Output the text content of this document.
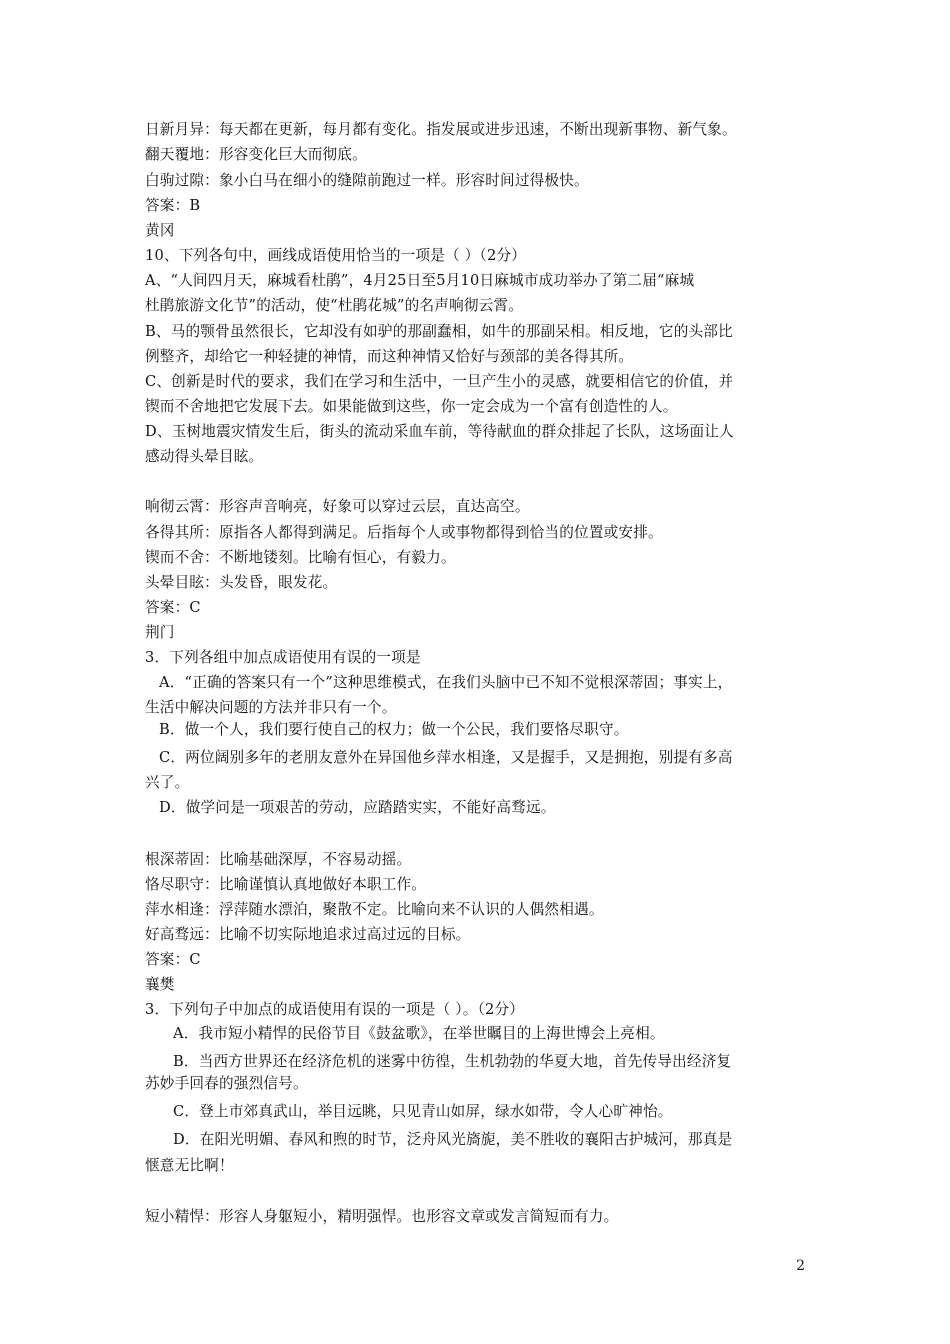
日新月异：每天都在更新，每月都有变化。指发展或进步迅速，不断出现新事物、新气象。
翻天覆地：形容变化巨大而彻底。
白驹过隙：象小白马在细小的缝隙前跑过一样。形容时间过得极快。
答案：B
黄冈
10、下列各句中，画线成语使用恰当的一项是（ ）（2分）
A、“人间四月天，麻城看杜鹃”，4月25日至5月10日麻城市成功举办了第二届“麻城
杜鹃旅游文化节”的活动，使“杜鹃花城”的名声响彻云霄。
B、马的颚骨虽然很长，它却没有如驴的那副蠢相，如牛的那副呆相。相反地，它的头部比
例整齐，却给它一种轻捷的神情，而这种神情又恰好与颈部的美各得其所。
C、创新是时代的要求，我们在学习和生活中，一旦产生小的灵感，就要相信它的价值，并
锲而不舍地把它发展下去。如果能做到这些，你一定会成为一个富有创造性的人。
D、玉树地震灾情发生后，街头的流动采血车前，等待献血的群众排起了长队，这场面让人
感动得头晕目眩。
响彻云霄：形容声音响亮，好象可以穿过云层，直达高空。
各得其所：原指各人都得到满足。后指每个人或事物都得到恰当的位置或安排。
锲而不舍：不断地镂刻。比喻有恒心，有毅力。
头晕目眩：头发昏，眼发花。
答案：C
荆门
3．下列各组中加点成语使用有误的一项是
A．“正确的答案只有一个”这种思维模式，在我们头脑中已不知不觉根深蒂固；事实上，
生活中解决问题的方法并非只有一个。
B．做一个人，我们要行使自己的权力；做一个公民，我们要恪尽职守。
C．两位阔别多年的老朋友意外在异国他乡萍水相逢，又是握手，又是拥抱，别提有多高
兴了。
D．做学问是一项艰苦的劳动，应踏踏实实，不能好高骛远。
根深蒂固：比喻基础深厚，不容易动摇。
恪尽职守：比喻谨慎认真地做好本职工作。
萍水相逢：浮萍随水漂泊，聚散不定。比喻向来不认识的人偶然相遇。
好高骛远：比喻不切实际地追求过高过远的目标。
答案：C
襄樊
3．下列句子中加点的成语使用有误的一项是（ ）。（2分）
A．我市短小精悍的民俗节目《鼓盆歌》，在举世瞩目的上海世博会上亮相。
B．当西方世界还在经济危机的迷雾中彷徨，生机勃勃的华夏大地，首先传导出经济复
苏妙手回春的强烈信号。
C．登上市郊真武山，举目远眺，只见青山如屏，绿水如带，令人心旷神怡。
D．在阳光明媚、春风和煦的时节，泛舟风光旖旎，美不胜收的襄阳古护城河，那真是
惬意无比啊！
短小精悍：形容人身躯短小，精明强悍。也形容文章或发言简短而有力。
2
